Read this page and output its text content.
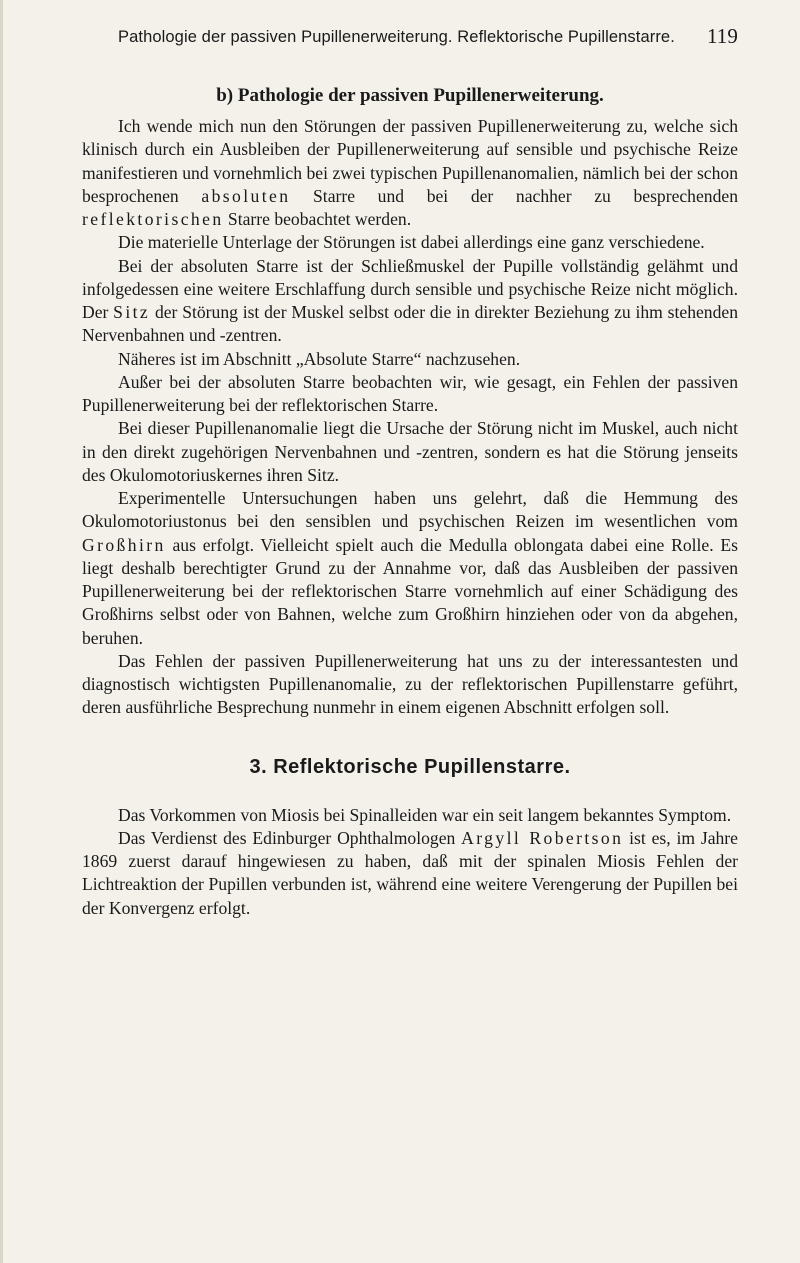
Pathologie der passiven Pupillenerweiterung. Reflektorische Pupillenstarre. 119
b) Pathologie der passiven Pupillenerweiterung.

Ich wende mich nun den Störungen der passiven Pupillenerweiterung zu, welche sich klinisch durch ein Ausbleiben der Pupillenerweiterung auf sensible und psychische Reize manifestieren und vornehmlich bei zwei typischen Pupillenanomalien, nämlich bei der schon besprochenen absoluten Starre und bei der nachher zu besprechenden reflektorischen Starre beobachtet werden.

Die materielle Unterlage der Störungen ist dabei allerdings eine ganz verschiedene.

Bei der absoluten Starre ist der Schließmuskel der Pupille vollständig gelähmt und infolgedessen eine weitere Erschlaffung durch sensible und psychische Reize nicht möglich. Der Sitz der Störung ist der Muskel selbst oder die in direkter Beziehung zu ihm stehenden Nervenbahnen und -zentren.

Näheres ist im Abschnitt „Absolute Starre“ nachzusehen.

Außer bei der absoluten Starre beobachten wir, wie gesagt, ein Fehlen der passiven Pupillenerweiterung bei der reflektorischen Starre.

Bei dieser Pupillenanomalie liegt die Ursache der Störung nicht im Muskel, auch nicht in den direkt zugehörigen Nervenbahnen und -zentren, sondern es hat die Störung jenseits des Okulomotoriuskernes ihren Sitz.

Experimentelle Untersuchungen haben uns gelehrt, daß die Hemmung des Okulomotoriustonus bei den sensiblen und psychischen Reizen im wesentlichen vom Großhirn aus erfolgt. Vielleicht spielt auch die Medulla oblongata dabei eine Rolle. Es liegt deshalb berechtigter Grund zu der Annahme vor, daß das Ausbleiben der passiven Pupillenerweiterung bei der reflektorischen Starre vornehmlich auf einer Schädigung des Großhirns selbst oder von Bahnen, welche zum Großhirn hinziehen oder von da abgehen, beruhen.

Das Fehlen der passiven Pupillenerweiterung hat uns zu der interessantesten und diagnostisch wichtigsten Pupillenanomalie, zu der reflektorischen Pupillenstarre geführt, deren ausführliche Besprechung nunmehr in einem eigenen Abschnitt erfolgen soll.

3. Reflektorische Pupillenstarre.

Das Vorkommen von Miosis bei Spinalleiden war ein seit langem bekanntes Symptom.

Das Verdienst des Edinburger Ophthalmologen Argyll Robertson ist es, im Jahre 1869 zuerst darauf hingewiesen zu haben, daß mit der spinalen Miosis Fehlen der Lichtreaktion der Pupillen verbunden ist, während eine weitere Verengerung der Pupillen bei der Konvergenz erfolgt.
